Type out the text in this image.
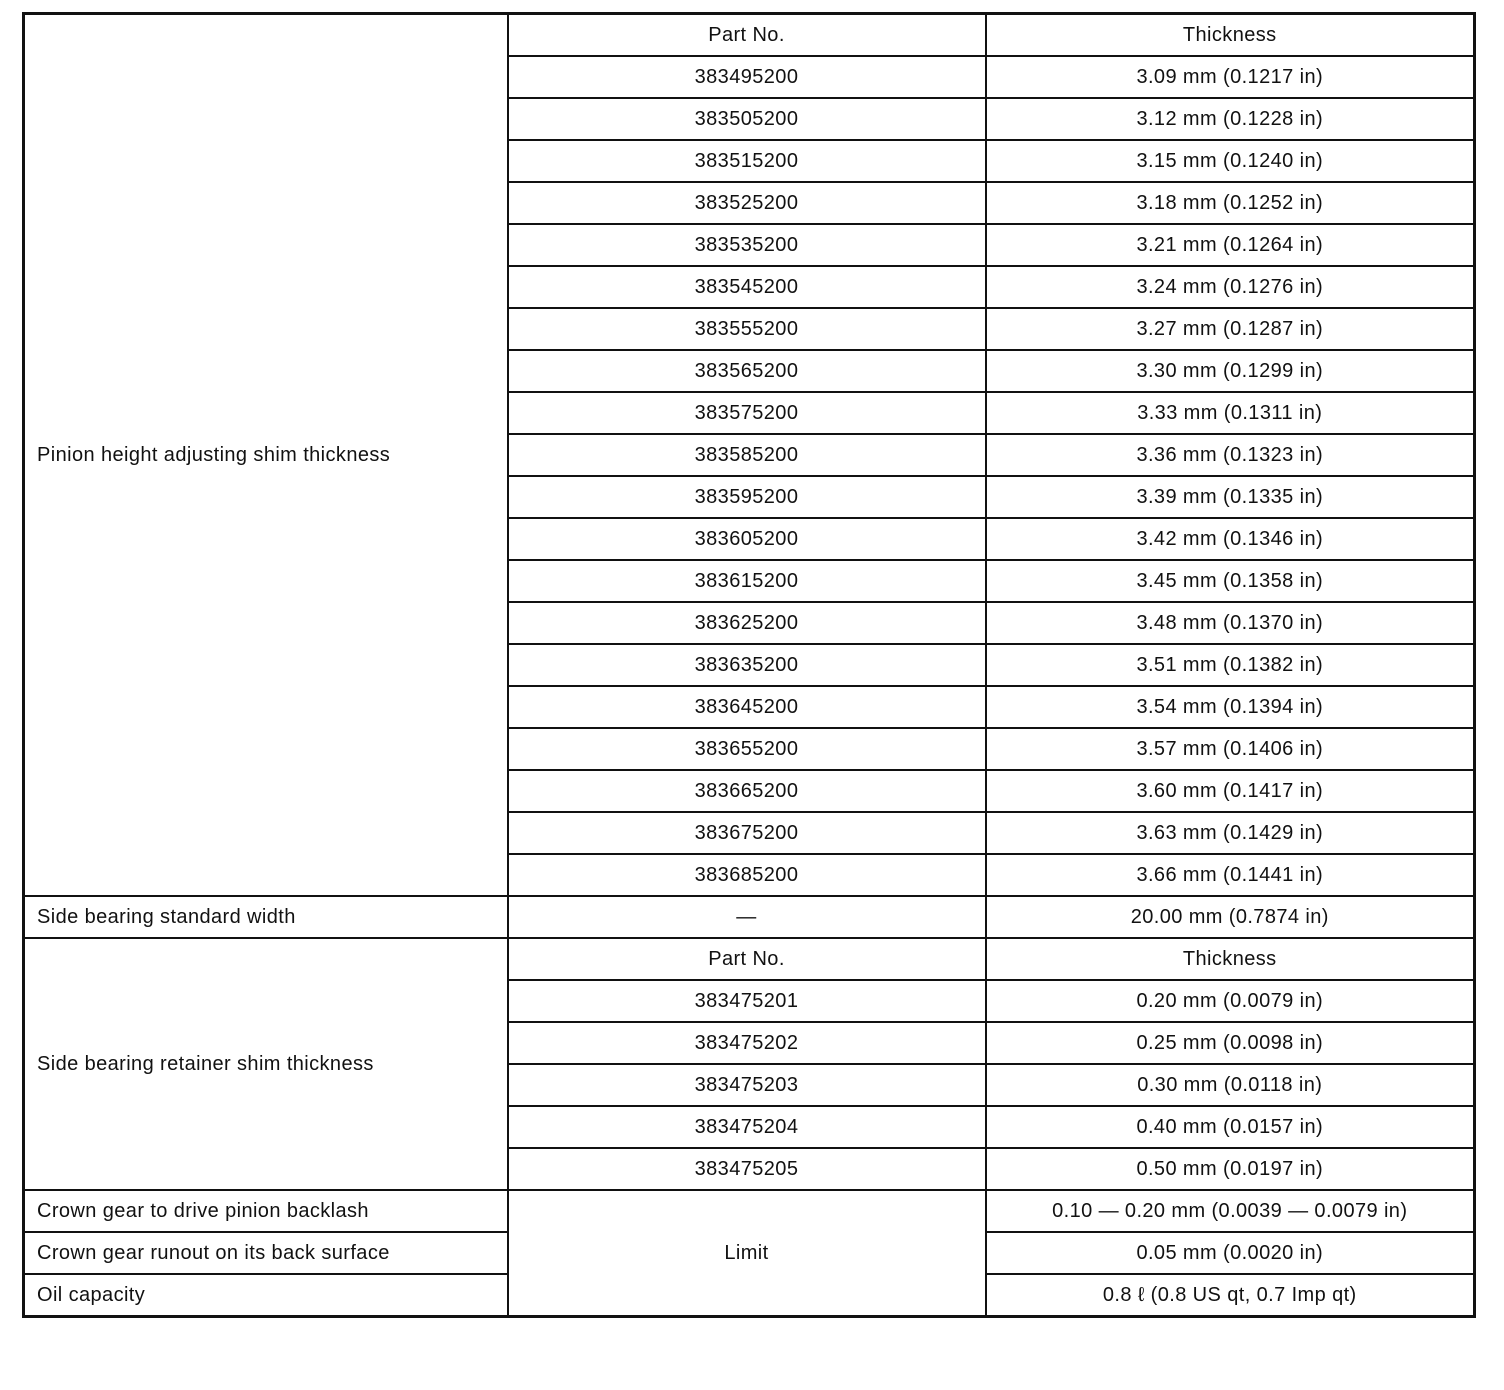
Pinion height adjusting shim thickness	Part No.	Thickness
	383495200	3.09 mm (0.1217 in)
	383505200	3.12 mm (0.1228 in)
	383515200	3.15 mm (0.1240 in)
	383525200	3.18 mm (0.1252 in)
	383535200	3.21 mm (0.1264 in)
	383545200	3.24 mm (0.1276 in)
	383555200	3.27 mm (0.1287 in)
	383565200	3.30 mm (0.1299 in)
	383575200	3.33 mm (0.1311 in)
	383585200	3.36 mm (0.1323 in)
	383595200	3.39 mm (0.1335 in)
	383605200	3.42 mm (0.1346 in)
	383615200	3.45 mm (0.1358 in)
	383625200	3.48 mm (0.1370 in)
	383635200	3.51 mm (0.1382 in)
	383645200	3.54 mm (0.1394 in)
	383655200	3.57 mm (0.1406 in)
	383665200	3.60 mm (0.1417 in)
	383675200	3.63 mm (0.1429 in)
	383685200	3.66 mm (0.1441 in)
Side bearing standard width	—	20.00 mm (0.7874 in)
Side bearing retainer shim thickness	Part No.	Thickness
	383475201	0.20 mm (0.0079 in)
	383475202	0.25 mm (0.0098 in)
	383475203	0.30 mm (0.0118 in)
	383475204	0.40 mm (0.0157 in)
	383475205	0.50 mm (0.0197 in)
Crown gear to drive pinion backlash	Limit	0.10 — 0.20 mm (0.0039 — 0.0079 in)
Crown gear runout on its back surface		0.05 mm (0.0020 in)
Oil capacity		0.8 ℓ (0.8 US qt, 0.7 Imp qt)
